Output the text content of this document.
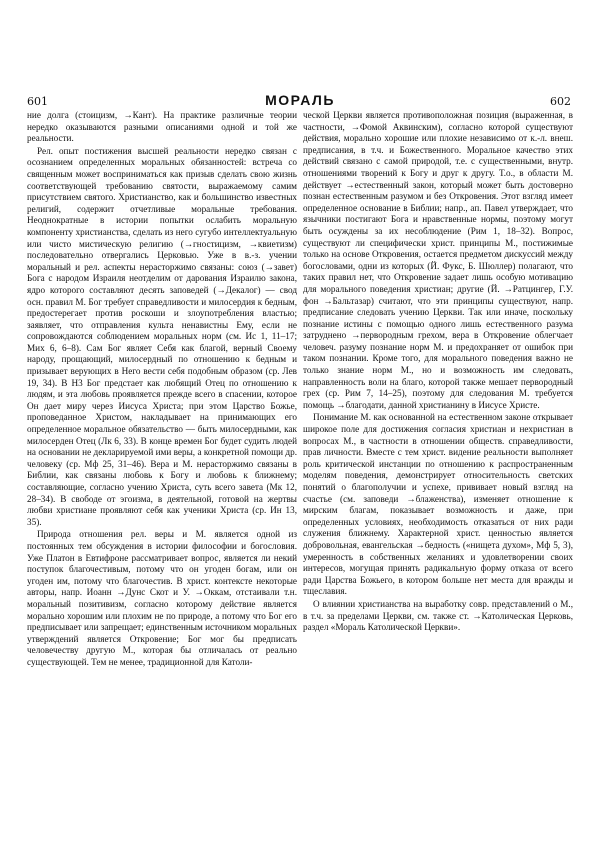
601	МОРАЛЬ	602

ние долга (стоицизм, →Кант). На практике различные теории нередко оказываются разными описаниями одной и той же реальности.

Рел. опыт постижения высшей реальности нередко связан с осознанием определенных моральных обязанностей: встреча со священным может восприниматься как призыв сделать свою жизнь соответствующей требованию святости, выражаемому самим присутствием святого. Христианство, как и большинство известных религий, содержит отчетливые моральные требования. Неоднократные в истории попытки ослабить моральную компоненту христианства, сделать из него сугубо интеллектуальную или чисто мистическую религию (→гностицизм, →квиетизм) последовательно отвергались Церковью. Уже в в.-з. учении моральный и рел. аспекты нерасторжимо связаны: союз (→завет) Бога с народом Израиля неотделим от дарования Израилю закона, ядро которого составляют десять заповедей (→Декалог) — свод осн. правил М. Бог требует справедливости и милосердия к бедным, предостерегает против роскоши и злоупотребления властью; заявляет, что отправления культа ненавистны Ему, если не сопровождаются соблюдением моральных норм (см. Ис 1, 11–17; Мих 6, 6–8). Сам Бог являет Себя как благой, верный Своему народу, прощающий, милосердный по отношению к бедным и призывает верующих в Него вести себя подобным образом (ср. Лев 19, 34). В Н3 Бог предстает как любящий Отец по отношению к людям, и эта любовь проявляется прежде всего в спасении, которое Он дает миру через Иисуса Христа; при этом Царство Божье, проповеданное Христом, накладывает на принимающих его определенное моральное обязательство — быть милосердными, как милосерден Отец (Лк 6, 33). В конце времен Бог будет судить людей на основании не декларируемой ими веры, а конкретной помощи др. человеку (ср. Мф 25, 31–46). Вера и М. нерасторжимо связаны в Библии, как связаны любовь к Богу и любовь к ближнему; составляющие, согласно учению Христа, суть всего завета (Мк 12, 28–34). В свободе от эгоизма, в деятельной, готовой на жертвы любви христиане проявляют себя как ученики Христа (ср. Ин 13, 35).

Природа отношения рел. веры и М. является одной из постоянных тем обсуждения в истории философии и богословия. Уже Платон в Евтифроне рассматривает вопрос, является ли некий поступок благочестивым, потому что он угоден богам, или он угоден им, потому что благочестив. В христ. контексте некоторые авторы, напр. Иоанн →Дунс Скот и У. →Оккам, отстаивали т.н. моральный позитивизм, согласно которому действие является морально хорошим или плохим не по природе, а потому что Бог его предписывает или запрещает; единственным источником моральных утверждений является Откровение; Бог мог бы предписать человечеству другую М., которая бы отличалась от реально существующей. Тем не менее, традиционной для Католи-

ческой Церкви является противоположная позиция (выраженная, в частности, →Фомой Аквинским), согласно которой существуют действия, морально хорошие или плохие независимо от к.-л. внеш. предписания, в т.ч. и Божественного. Моральное качество этих действий связано с самой природой, т.е. с существенными, внутр. отношениями творений к Богу и друг к другу. Т.о., в области М. действует →естественный закон, который может быть достоверно познан естественным разумом и без Откровения. Этот взгляд имеет определенное основание в Библии; напр., ап. Павел утверждает, что язычники постигают Бога и нравственные нормы, поэтому могут быть осуждены за их несоблюдение (Рим 1, 18–32). Вопрос, существуют ли специфически христ. принципы М., постижимые только на основе Откровения, остается предметом дискуссий между богословами, одни из которых (Й. Фукс, Б. Шюллер) полагают, что таких правил нет, что Откровение задает лишь особую мотивацию для морального поведения христиан; другие (Й. →Ратцингер, Г.У. фон →Бальтазар) считают, что эти принципы существуют, напр. предписание следовать учению Церкви. Так или иначе, поскольку познание истины с помощью одного лишь естественного разума затруднено →первородным грехом, вера в Откровение облегчает человеч. разуму познание норм М. и предохраняет от ошибок при таком познании. Кроме того, для морального поведения важно не только знание норм М., но и возможность им следовать, направленность воли на благо, которой также мешает первородный грех (ср. Рим 7, 14–25), поэтому для следования М. требуется помощь →благодати, данной христианину в Иисусе Христе.

Понимание М. как основанной на естественном законе открывает широкое поле для достижения согласия христиан и нехристиан в вопросах М., в частности в отношении обществ. справедливости, прав личности. Вместе с тем христ. видение реальности выполняет роль критической инстанции по отношению к распространенным моделям поведения, демонстрирует относительность светских понятий о благополучии и успехе, прививает новый взгляд на счастье (см. заповеди →блаженства), изменяет отношение к мирским благам, показывает возможность и даже, при определенных условиях, необходимость отказаться от них ради служения ближнему. Характерной христ. ценностью является добровольная, евангельская →бедность («нищета духом», Мф 5, 3), умеренность в собственных желаниях и удовлетворении своих интересов, могущая принять радикальную форму отказа от всего ради Царства Божьего, в котором больше нет места для вражды и тщеславия.

О влиянии христианства на выработку совр. представлений о М., в т.ч. за пределами Церкви, см. также ст. →Католическая Церковь, раздел «Мораль Католической Церкви».
